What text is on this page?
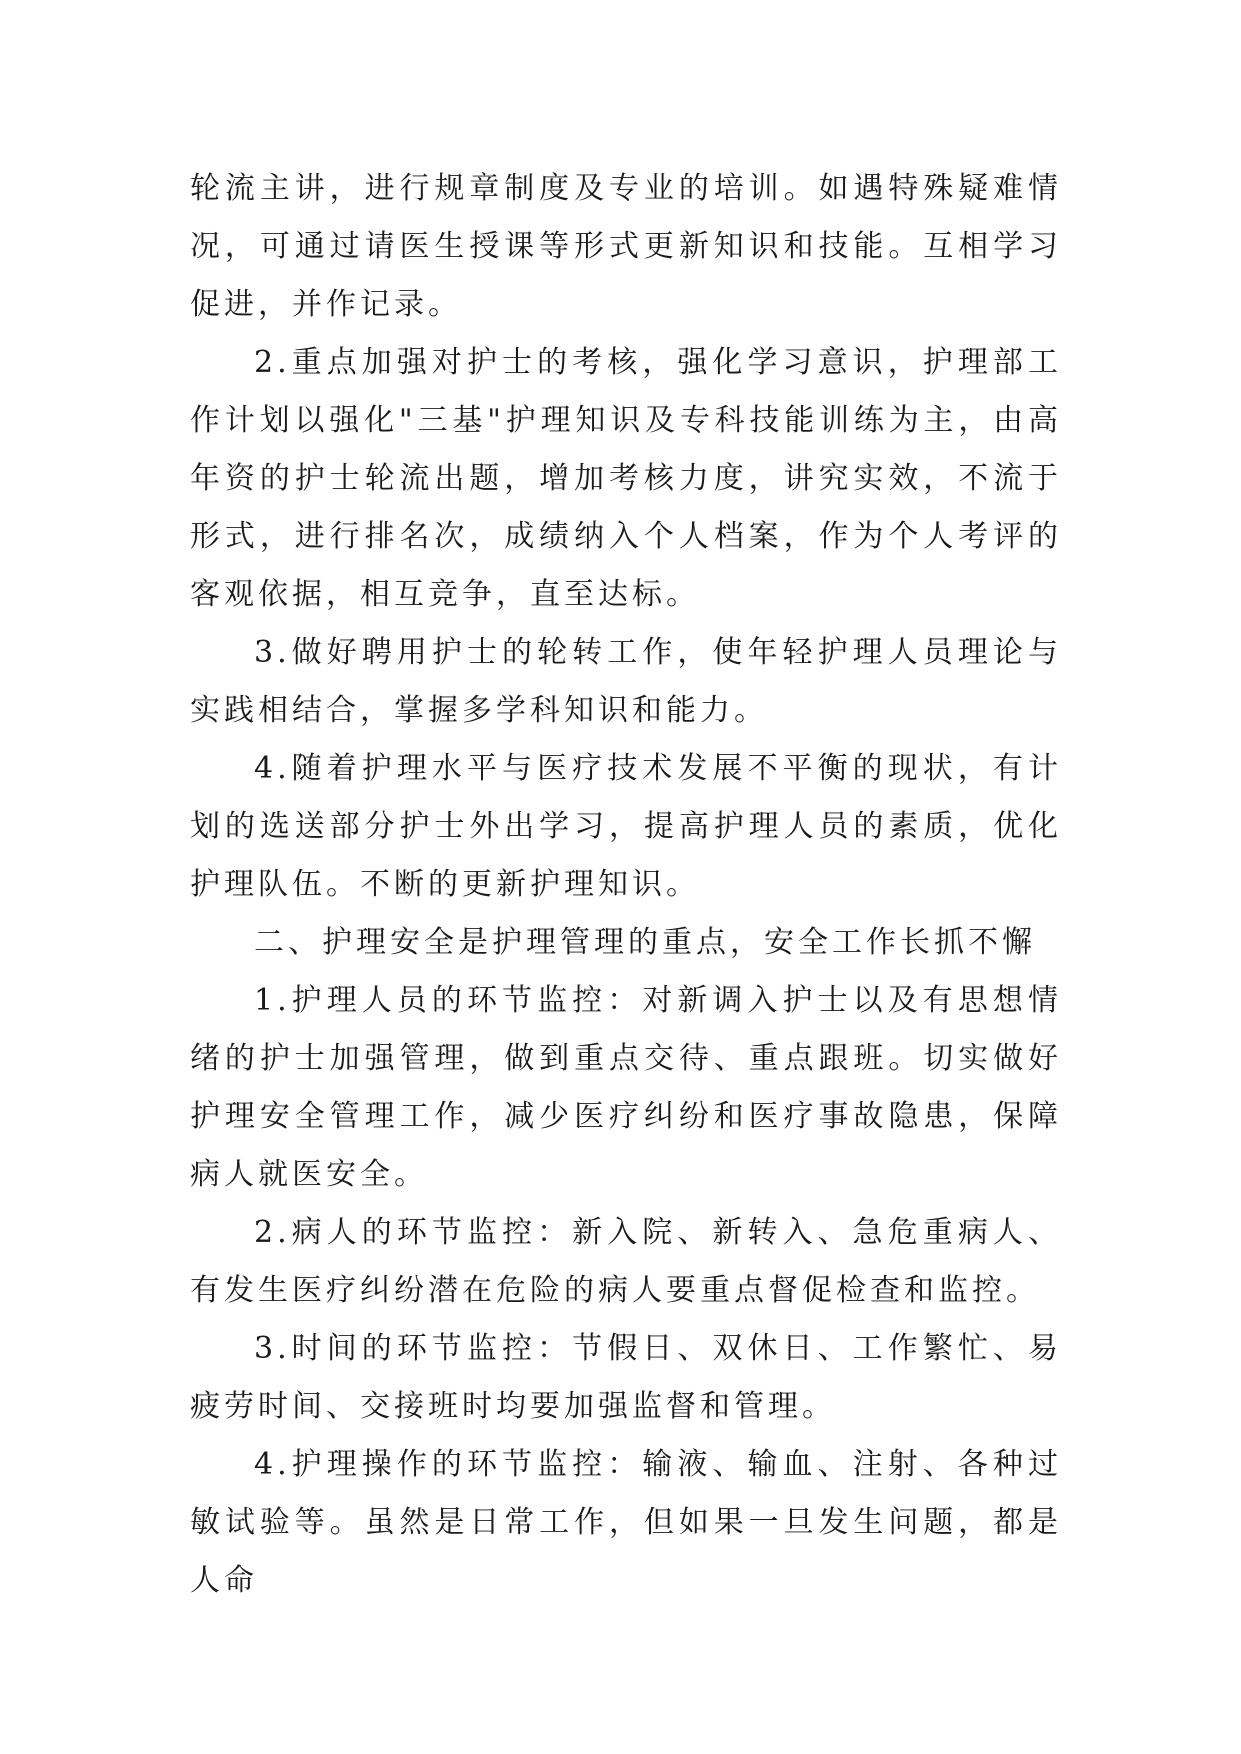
轮流主讲，进行规章制度及专业的培训。如遇特殊疑难情况，可通过请医生授课等形式更新知识和技能。互相学习促进，并作记录。

2.重点加强对护士的考核，强化学习意识，护理部工作计划以强化"三基"护理知识及专科技能训练为主，由高年资的护士轮流出题，增加考核力度，讲究实效，不流于形式，进行排名次，成绩纳入个人档案，作为个人考评的客观依据，相互竞争，直至达标。

3.做好聘用护士的轮转工作，使年轻护理人员理论与实践相结合，掌握多学科知识和能力。

4.随着护理水平与医疗技术发展不平衡的现状，有计划的选送部分护士外出学习，提高护理人员的素质，优化护理队伍。不断的更新护理知识。

二、护理安全是护理管理的重点，安全工作长抓不懈

1.护理人员的环节监控：对新调入护士以及有思想情绪的护士加强管理，做到重点交待、重点跟班。切实做好护理安全管理工作，减少医疗纠纷和医疗事故隐患，保障病人就医安全。

2.病人的环节监控：新入院、新转入、急危重病人、有发生医疗纠纷潜在危险的病人要重点督促检查和监控。

3.时间的环节监控：节假日、双休日、工作繁忙、易疲劳时间、交接班时均要加强监督和管理。

4.护理操作的环节监控：输液、输血、注射、各种过敏试验等。虽然是日常工作，但如果一旦发生问题，都是人命
